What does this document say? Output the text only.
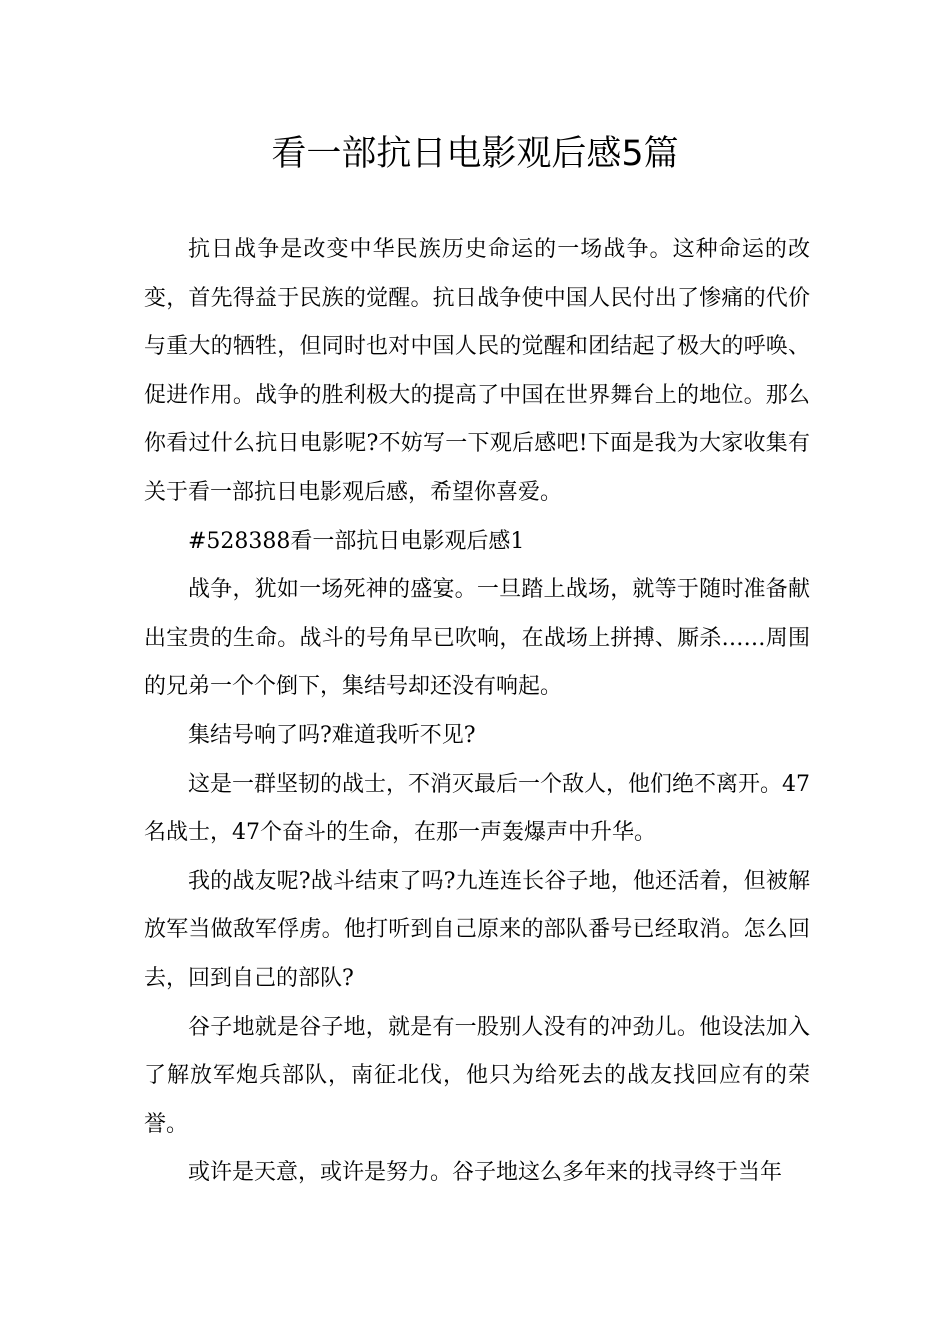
看一部抗日电影观后感5篇

抗日战争是改变中华民族历史命运的一场战争。这种命运的改变，首先得益于民族的觉醒。抗日战争使中国人民付出了惨痛的代价与重大的牺牲，但同时也对中国人民的觉醒和团结起了极大的呼唤、促进作用。战争的胜利极大的提高了中国在世界舞台上的地位。那么你看过什么抗日电影呢?不妨写一下观后感吧!下面是我为大家收集有关于看一部抗日电影观后感，希望你喜爱。

#528388看一部抗日电影观后感1

战争，犹如一场死神的盛宴。一旦踏上战场，就等于随时准备献出宝贵的生命。战斗的号角早已吹响，在战场上拼搏、厮杀……周围的兄弟一个个倒下，集结号却还没有响起。

集结号响了吗?难道我听不见?

这是一群坚韧的战士，不消灭最后一个敌人，他们绝不离开。47名战士，47个奋斗的生命，在那一声轰爆声中升华。

我的战友呢?战斗结束了吗?九连连长谷子地，他还活着，但被解放军当做敌军俘虏。他打听到自己原来的部队番号已经取消。怎么回去，回到自己的部队?

谷子地就是谷子地，就是有一股别人没有的冲劲儿。他设法加入了解放军炮兵部队，南征北伐，他只为给死去的战友找回应有的荣誉。

或许是天意，或许是努力。谷子地这么多年来的找寻终于当年
